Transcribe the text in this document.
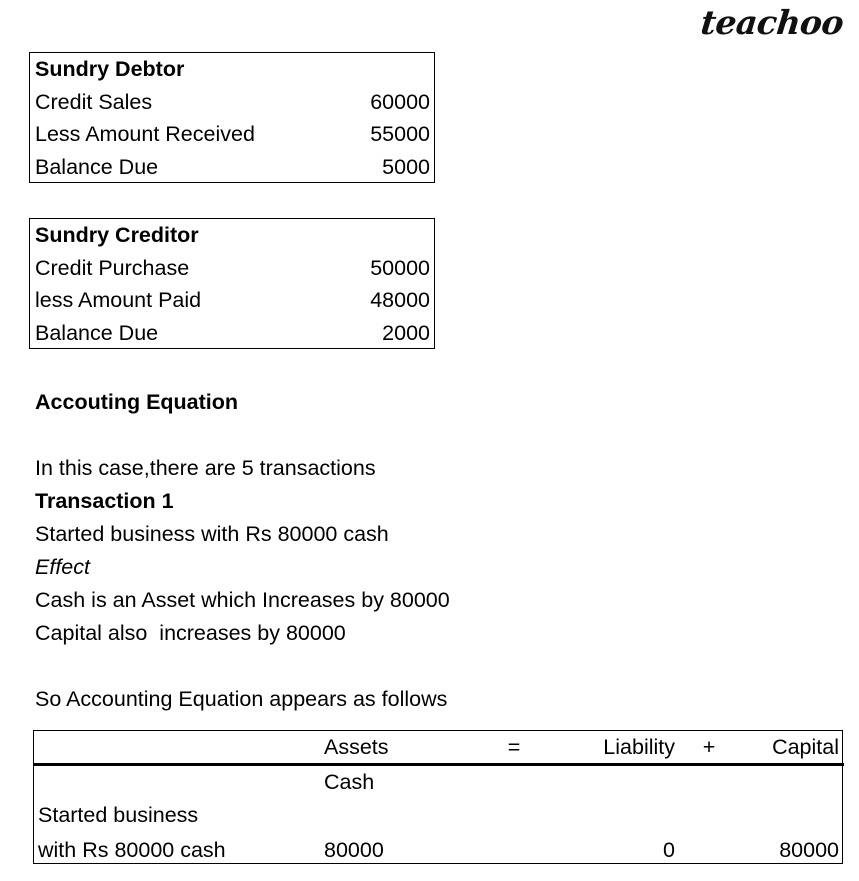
teachoo
Sundry Debtor	
Credit Sales	60000
Less Amount Received	55000
Balance Due	5000
Sundry Creditor	
Credit Purchase	50000
less Amount Paid	48000
Balance Due	2000
Accouting Equation
In this case,there are 5 transactions
Transaction 1
Started business with Rs 80000 cash
Effect
Cash is an Asset which Increases by 80000
Capital also  increases by 80000
So Accounting Equation appears as follows
	Assets	=	Liability	+	Capital
	Cash				
Started business					
with Rs 80000 cash	80000		0		80000
